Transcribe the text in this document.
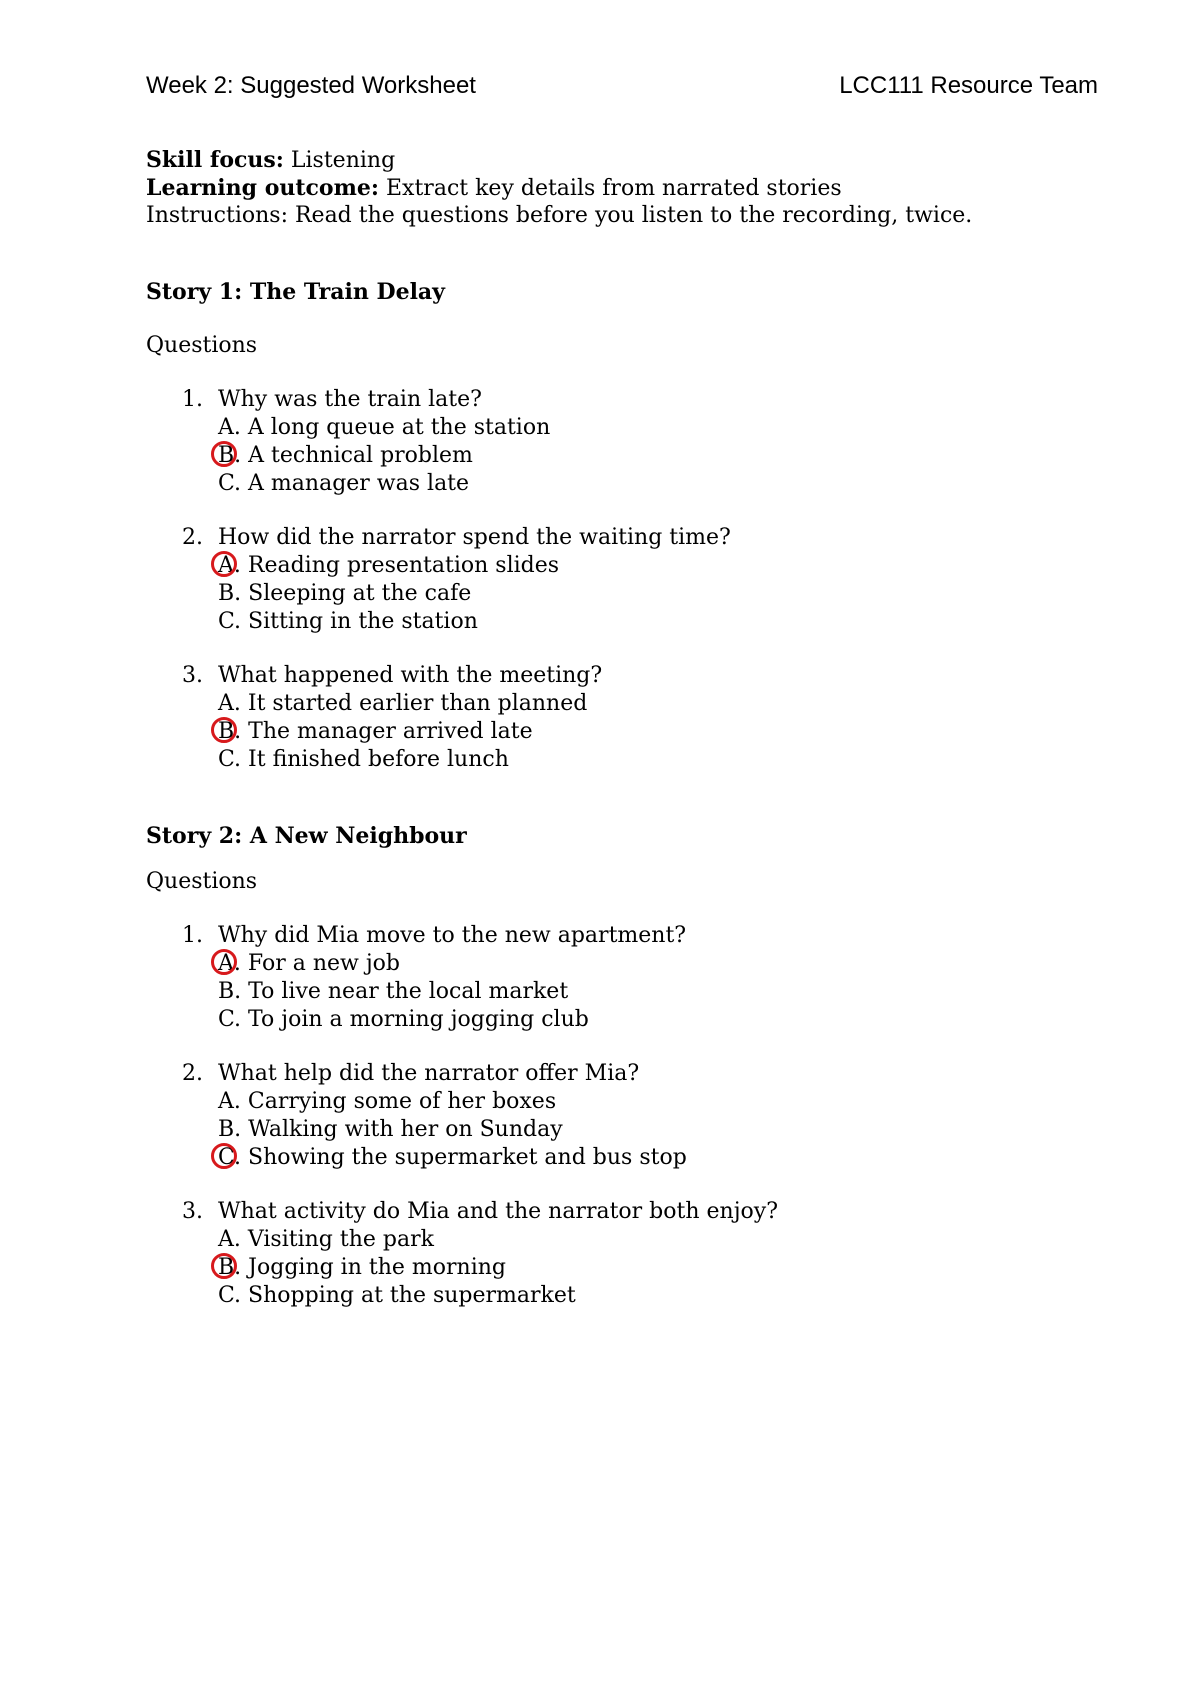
Week 2: Suggested Worksheet	LCC111 Resource Team
Skill focus: Listening
Learning outcome: Extract key details from narrated stories
Instructions: Read the questions before you listen to the recording, twice.
Story 1: The Train Delay
Questions
1. Why was the train late?
A. A long queue at the station
B. A technical problem
C. A manager was late
2. How did the narrator spend the waiting time?
A. Reading presentation slides
B. Sleeping at the cafe
C. Sitting in the station
3. What happened with the meeting?
A. It started earlier than planned
B. The manager arrived late
C. It finished before lunch
Story 2: A New Neighbour
Questions
1. Why did Mia move to the new apartment?
A. For a new job
B. To live near the local market
C. To join a morning jogging club
2. What help did the narrator offer Mia?
A. Carrying some of her boxes
B. Walking with her on Sunday
C. Showing the supermarket and bus stop
3. What activity do Mia and the narrator both enjoy?
A. Visiting the park
B. Jogging in the morning
C. Shopping at the supermarket
